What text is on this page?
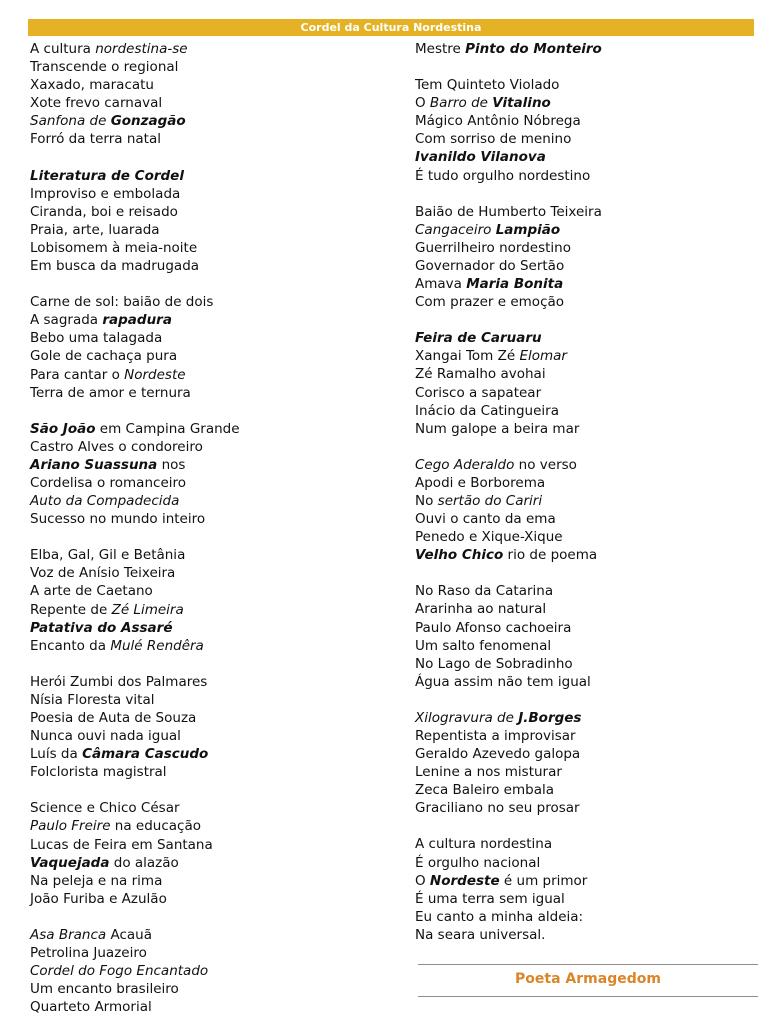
Cordel da Cultura Nordestina
A cultura nordestina-se
Transcende o regional
Xaxado, maracatu
Xote frevo carnaval
Sanfona de Gonzagão
Forró da terra natal
Literatura de Cordel
Improviso e embolada
Ciranda, boi e reisado
Praia, arte, luarada
Lobisomem à meia-noite
Em busca da madrugada
Carne de sol: baião de dois
A sagrada rapadura
Bebo uma talagada
Gole de cachaça pura
Para cantar o Nordeste
Terra de amor e ternura
São João em Campina Grande
Castro Alves o condoreiro
Ariano Suassuna nos
Cordelisa o romanceiro
Auto da Compadecida
Sucesso no mundo inteiro
Elba, Gal, Gil e Betânia
Voz de Anísio Teixeira
A arte de Caetano
Repente de Zé Limeira
Patativa do Assaré
Encanto da Mulé Rendêra
Herói Zumbi dos Palmares
Nísia Floresta vital
Poesia de Auta de Souza
Nunca ouvi nada igual
Luís da Câmara Cascudo
Folclorista magistral
Science e Chico César
Paulo Freire na educação
Lucas de Feira em Santana
Vaquejada do alazão
Na peleja e na rima
João Furiba e Azulão
Asa Branca Acauã
Petrolina Juazeiro
Cordel do Fogo Encantado
Um encanto brasileiro
Quarteto Armorial
Mestre Pinto do Monteiro
Tem Quinteto Violado
O Barro de Vitalino
Mágico Antônio Nóbrega
Com sorriso de menino
Ivanildo Vilanova
É tudo orgulho nordestino
Baião de Humberto Teixeira
Cangaceiro Lampião
Guerrilheiro nordestino
Governador do Sertão
Amava Maria Bonita
Com prazer e emoção
Feira de Caruaru
Xangai Tom Zé Elomar
Zé Ramalho avohai
Corisco a sapatear
Inácio da Catingueira
Num galope a beira mar
Cego Aderaldo no verso
Apodi e Borborema
No sertão do Cariri
Ouvi o canto da ema
Penedo e Xique-Xique
Velho Chico rio de poema
No Raso da Catarina
Ararinha ao natural
Paulo Afonso cachoeira
Um salto fenomenal
No Lago de Sobradinho
Água assim não tem igual
Xilogravura de J.Borges
Repentista a improvisar
Geraldo Azevedo galopa
Lenine a nos misturar
Zeca Baleiro embala
Graciliano no seu prosar
A cultura nordestina
É orgulho nacional
O Nordeste é um primor
É uma terra sem igual
Eu canto a minha aldeia:
Na seara universal.
Poeta Armagedom
